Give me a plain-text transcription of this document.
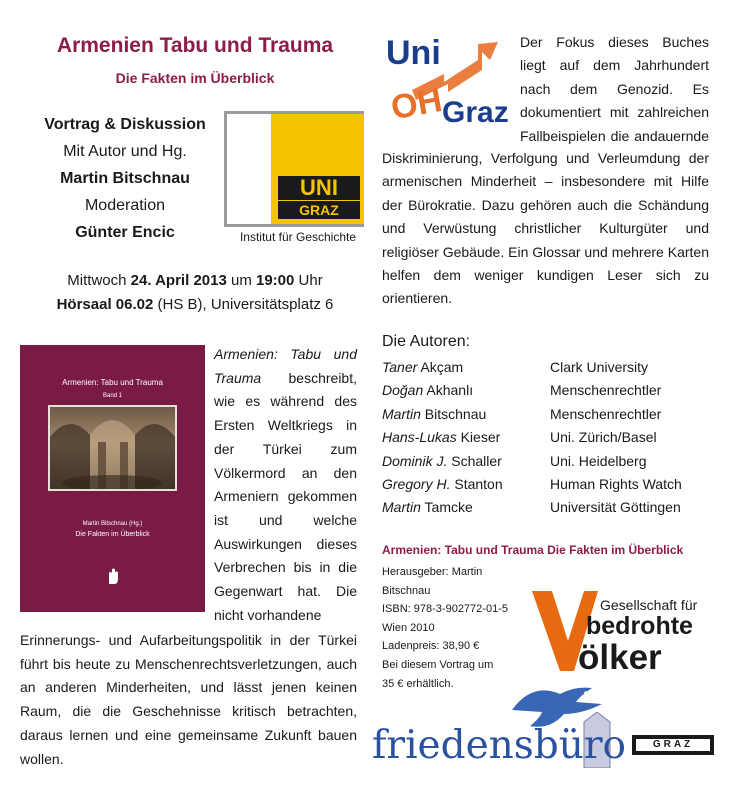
Armenien Tabu und Trauma
Die Fakten im Überblick
Vortrag & Diskussion
Mit Autor und Hg.
Martin Bitschnau
Moderation
Günter Encic
UNI
GRAZ
Institut für Geschichte
Mittwoch 24. April 2013 um 19:00 Uhr
Hörsaal 06.02 (HS B), Universitätsplatz 6
Armenien: Tabu und Trauma
Band 1
Martin Bitschnau (Hg.)
Die Fakten im Überblick
Armenien: Tabu und Trauma beschreibt, wie es während des Ersten Weltkriegs in der Türkei zum Völkermord an den Armeniern gekommen ist und welche Auswirkungen dieses Verbrechen bis in die Gegenwart hat. Die nicht vorhandene
Erinnerungs- und Aufarbeitungspolitik in der Türkei führt bis heute zu Menschenrechtsverletzungen, auch an anderen Minderheiten, und lässt jenen keinen Raum, die die Geschehnisse kritisch betrachten, daraus lernen und eine gemeinsame Zukunft bauen wollen.
Uni
OH
Graz
Der Fokus dieses Buches liegt auf dem Jahrhundert nach dem Genozid. Es dokumentiert mit zahlreichen Fallbeispielen die andauernde
Diskriminierung, Verfolgung und Verleumdung der armenischen Minderheit – insbesondere mit Hilfe der Bürokratie. Dazu gehören auch die Schändung und Verwüstung christlicher Kulturgüter und religiöser Gebäude. Ein Glossar und mehrere Karten helfen dem weniger kundigen Leser sich zu orientieren.
Die Autoren:
Taner Akçam	Clark University
Doğan Akhanlı	Menschenrechtler
Martin Bitschnau	Menschenrechtler
Hans-Lukas Kieser	Uni. Zürich/Basel
Dominik J. Schaller	Uni. Heidelberg
Gregory H. Stanton	Human Rights Watch
Martin Tamcke	Universität Göttingen
Armenien: Tabu und Trauma Die Fakten im Überblick
Herausgeber: Martin Bitschnau
ISBN: 978-3-902772-01-5
Wien 2010
Ladenpreis: 38,90 €
Bei diesem Vortrag um
35 € erhältlich.
Gesellschaft für
bedrohte
ölker
friedensbüro	GRAZ
